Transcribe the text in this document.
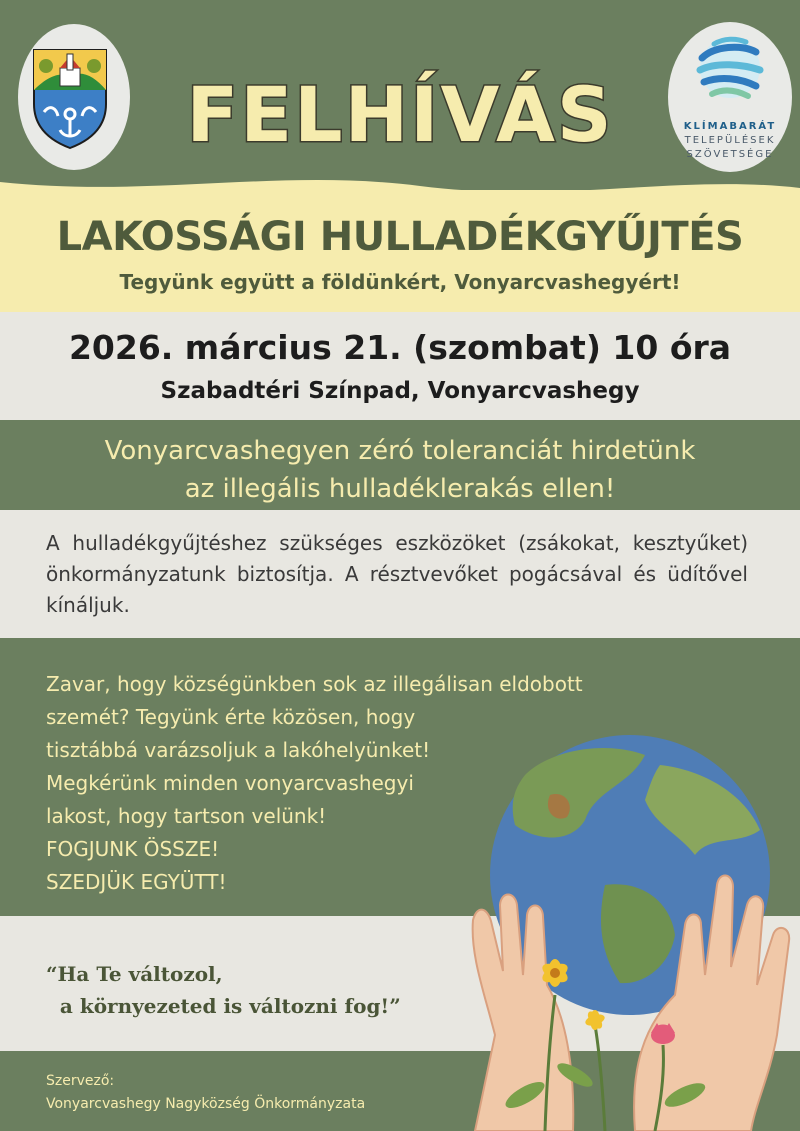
KLÍMABARÁT
TELEPÜLÉSEK
SZÖVETSÉGE
FELHÍVÁS
LAKOSSÁGI HULLADÉKGYŰJTÉS
Tegyünk együtt a földünkért, Vonyarcvashegyért!
2026. március 21. (szombat) 10 óra
Szabadtéri Színpad, Vonyarcvashegy
Vonyarcvashegyen zéró toleranciát hirdetünk
az illegális hulladéklerakás ellen!
A hulladékgyűjtéshez szükséges eszközöket (zsákokat, kesztyűket) önkormányzatunk biztosítja. A résztvevőket pogácsával és üdítővel kínáljuk.
Zavar, hogy községünkben sok az illegálisan eldobott
szemét? Tegyünk érte közösen, hogy
tisztábbá varázsoljuk a lakóhelyünket!
Megkérünk minden vonyarcvashegyi
lakost, hogy tartson velünk!
FOGJUNK ÖSSZE!
SZEDJÜK EGYÜTT!
“Ha Te változol,
a környezeted is változni fog!”
Szervező:
Vonyarcvashegy Nagyközség Önkormányzata
